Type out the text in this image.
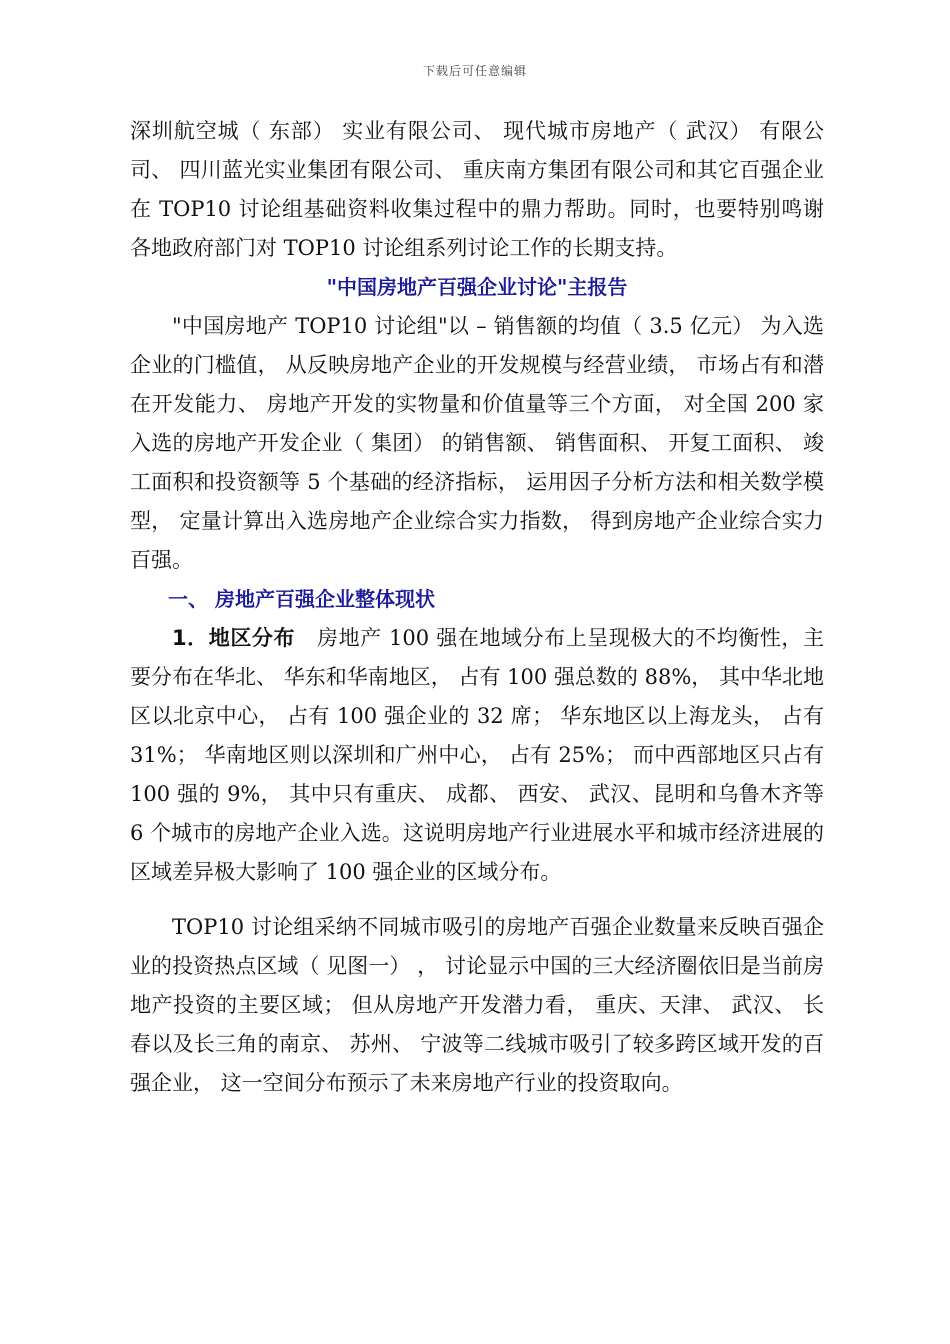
下载后可任意编辑

深圳航空城（ 东部） 实业有限公司、 现代城市房地产（ 武汉） 有限公司、 四川蓝光实业集团有限公司、 重庆南方集团有限公司和其它百强企业在 TOP10 讨论组基础资料收集过程中的鼎力帮助。同时，也要特别鸣谢各地政府部门对 TOP10 讨论组系列讨论工作的长期支持。

"中国房地产百强企业讨论"主报告

"中国房地产 TOP10 讨论组"以 – 销售额的均值（ 3.5 亿元） 为入选企业的门槛值， 从反映房地产企业的开发规模与经营业绩， 市场占有和潜在开发能力、 房地产开发的实物量和价值量等三个方面， 对全国 200 家入选的房地产开发企业（ 集团） 的销售额、 销售面积、 开复工面积、 竣工面积和投资额等 5 个基础的经济指标， 运用因子分析方法和相关数学模型， 定量计算出入选房地产企业综合实力指数， 得到房地产企业综合实力百强。

一、 房地产百强企业整体现状

1．地区分布 房地产 100 强在地域分布上呈现极大的不均衡性，主要分布在华北、 华东和华南地区， 占有 100 强总数的 88%， 其中华北地区以北京中心， 占有 100 强企业的 32 席； 华东地区以上海龙头， 占有 31%； 华南地区则以深圳和广州中心， 占有 25%； 而中西部地区只占有 100 强的 9%， 其中只有重庆、 成都、 西安、 武汉、昆明和乌鲁木齐等 6 个城市的房地产企业入选。这说明房地产行业进展水平和城市经济进展的区域差异极大影响了 100 强企业的区域分布。

TOP10 讨论组采纳不同城市吸引的房地产百强企业数量来反映百强企业的投资热点区域（ 见图一） ， 讨论显示中国的三大经济圈依旧是当前房地产投资的主要区域； 但从房地产开发潜力看， 重庆、天津、 武汉、 长春以及长三角的南京、 苏州、 宁波等二线城市吸引了较多跨区域开发的百强企业， 这一空间分布预示了未来房地产行业的投资取向。
